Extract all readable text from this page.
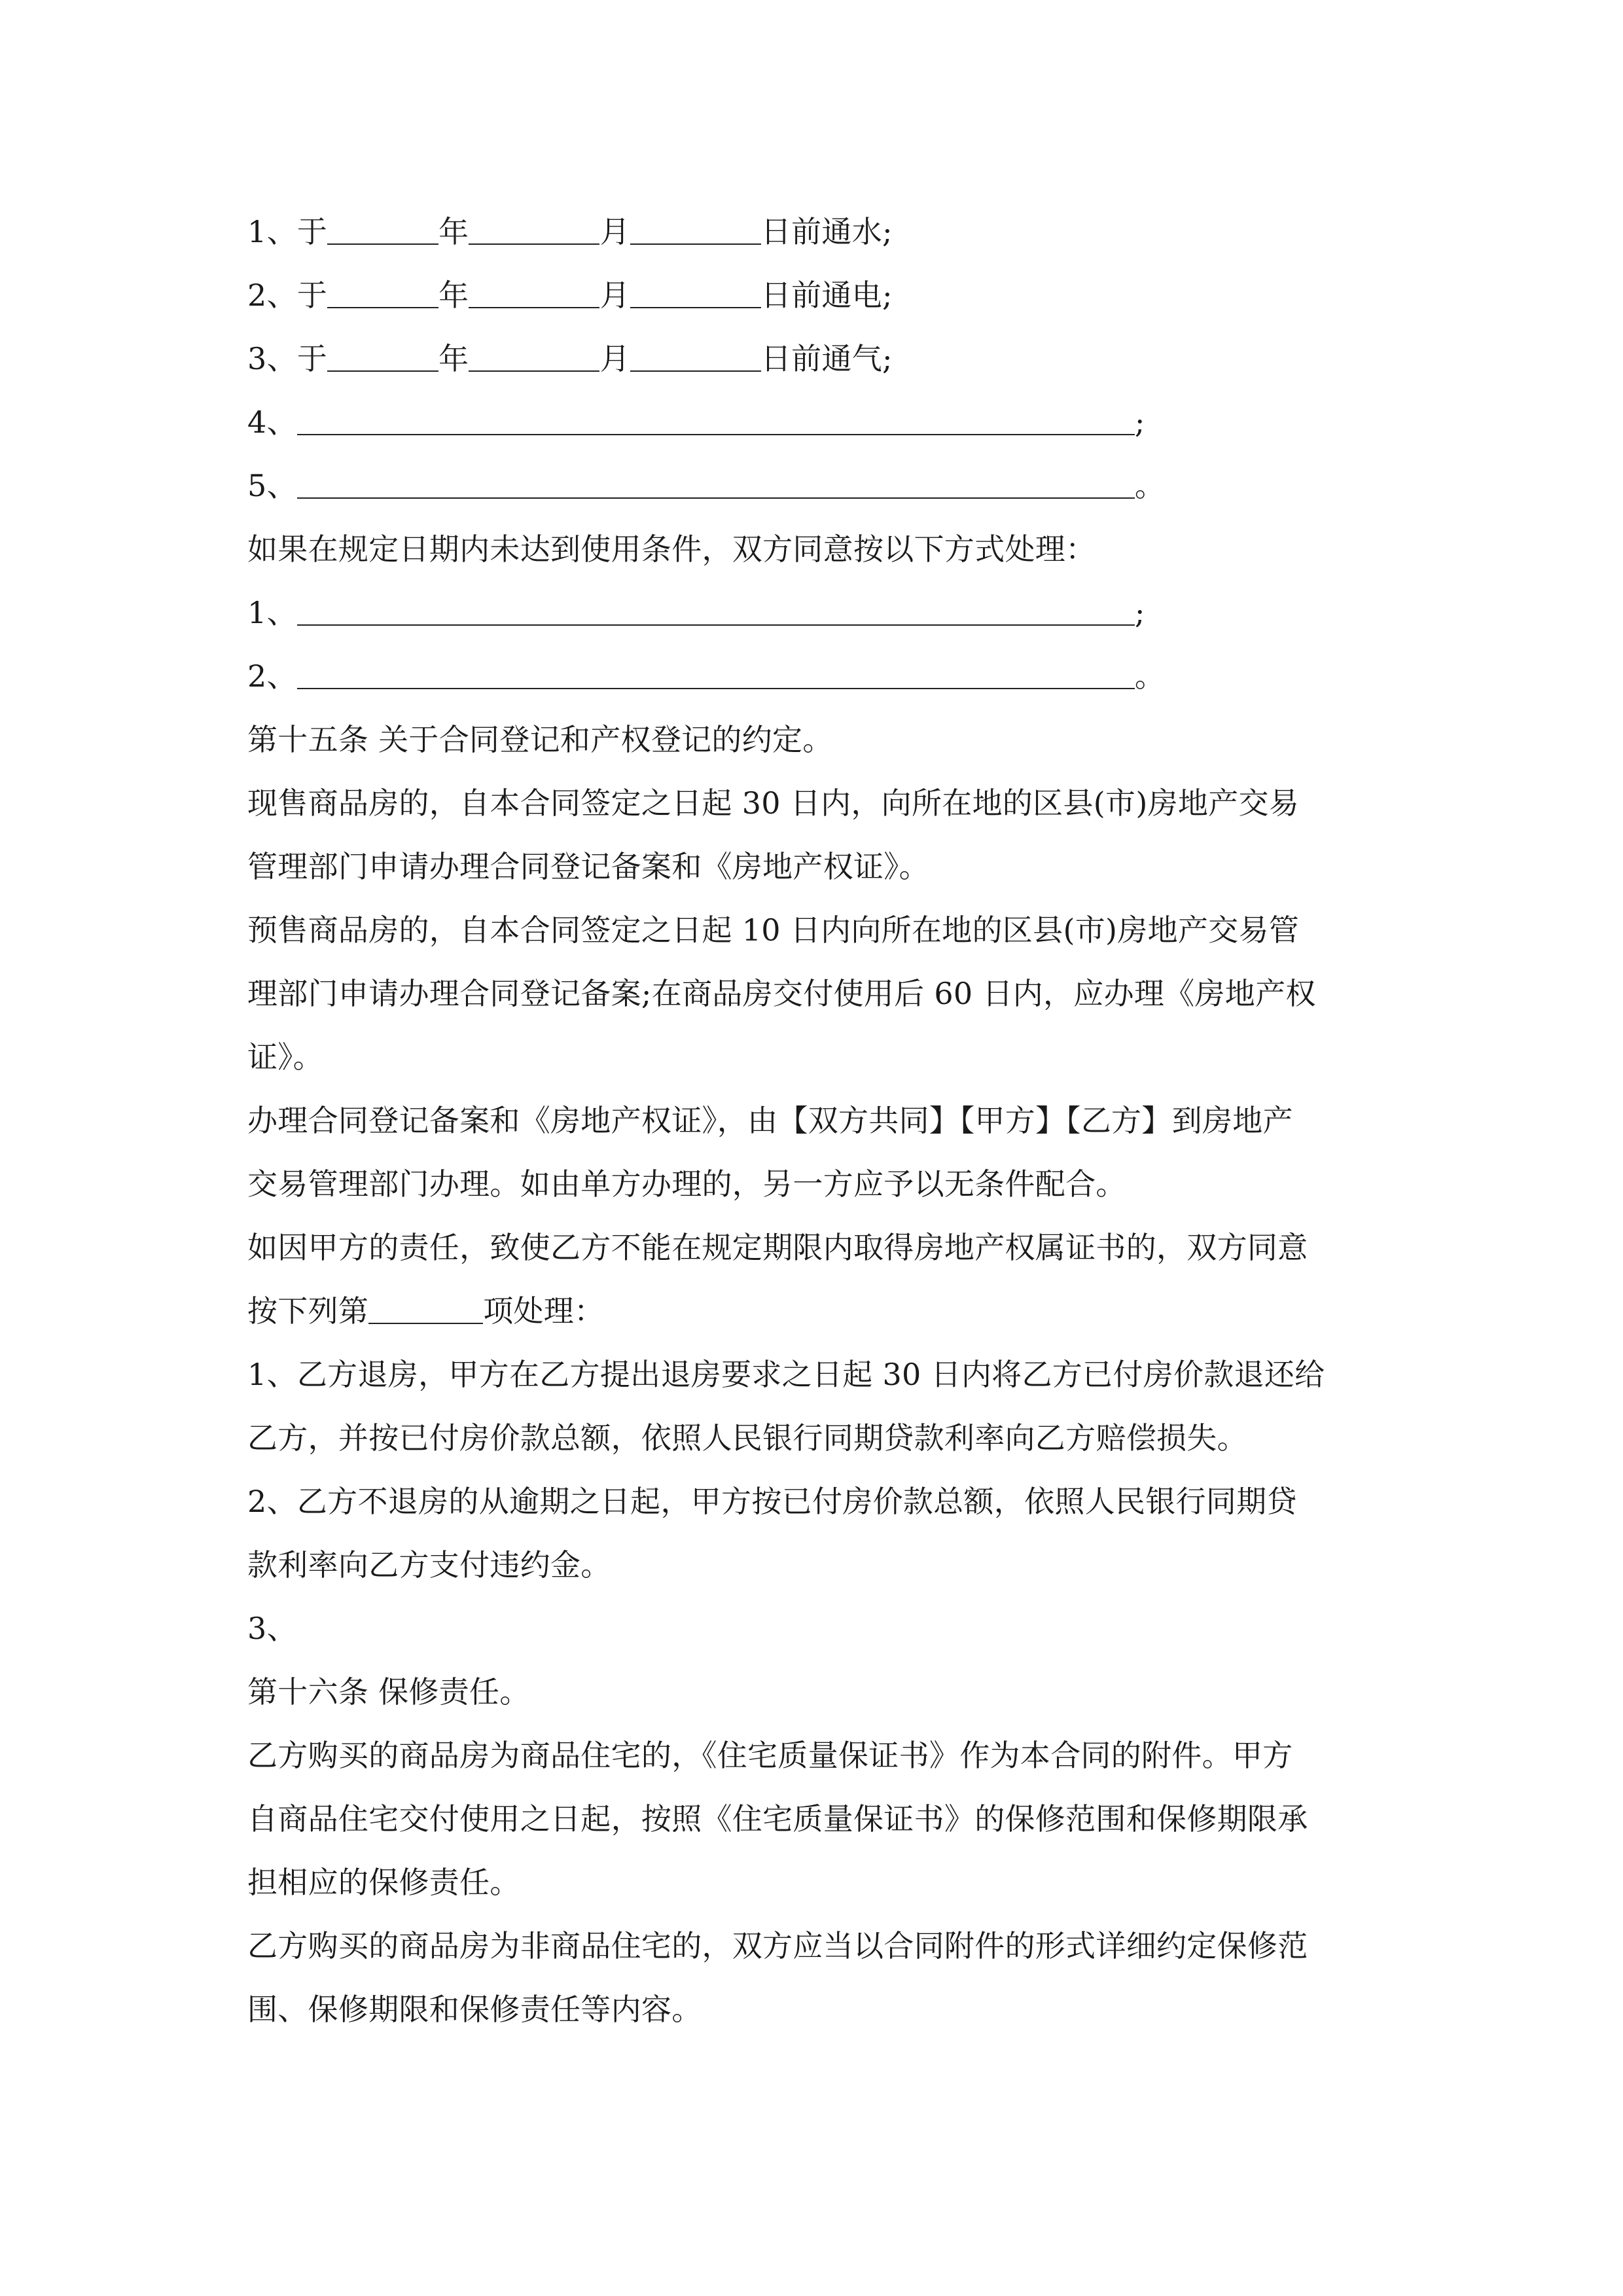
1、于	年	月	日前通水;
2、于	年	月	日前通电;
3、于	年	月	日前通气;
4、	;
5、	。
如果在规定日期内未达到使用条件，双方同意按以下方式处理：
1、	;
2、	。
第十五条 关于合同登记和产权登记的约定。
现售商品房的，自本合同签定之日起 30 日内，向所在地的区县(市)房地产交易
管理部门申请办理合同登记备案和《房地产权证》。
预售商品房的，自本合同签定之日起 10 日内向所在地的区县(市)房地产交易管
理部门申请办理合同登记备案;在商品房交付使用后 60 日内，应办理《房地产权
证》。
办理合同登记备案和《房地产权证》，由【双方共同】【甲方】【乙方】到房地产
交易管理部门办理。如由单方办理的，另一方应予以无条件配合。
如因甲方的责任，致使乙方不能在规定期限内取得房地产权属证书的，双方同意
按下列第	项处理：
1、乙方退房，甲方在乙方提出退房要求之日起 30 日内将乙方已付房价款退还给
乙方，并按已付房价款总额，依照人民银行同期贷款利率向乙方赔偿损失。
2、乙方不退房的从逾期之日起，甲方按已付房价款总额，依照人民银行同期贷
款利率向乙方支付违约金。
3、
第十六条 保修责任。
乙方购买的商品房为商品住宅的，《住宅质量保证书》作为本合同的附件。甲方
自商品住宅交付使用之日起，按照《住宅质量保证书》的保修范围和保修期限承
担相应的保修责任。
乙方购买的商品房为非商品住宅的，双方应当以合同附件的形式详细约定保修范
围、保修期限和保修责任等内容。
